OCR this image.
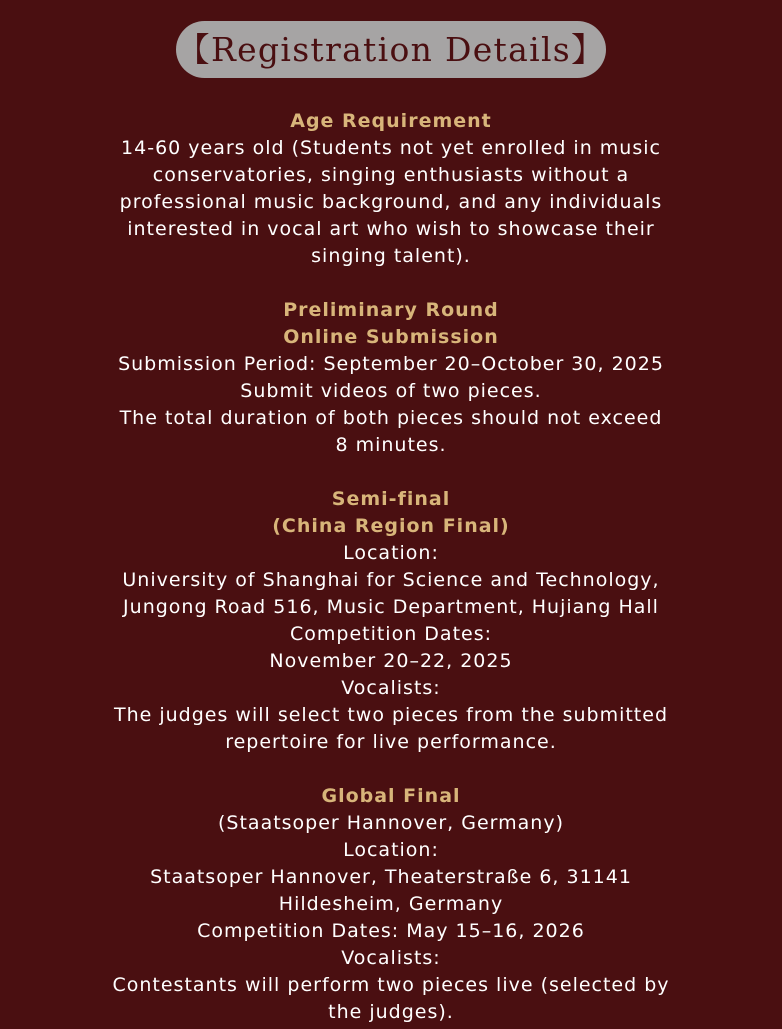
【Registration Details】
Age Requirement
14-60 years old (Students not yet enrolled in music conservatories, singing enthusiasts without a professional music background, and any individuals interested in vocal art who wish to showcase their singing talent).
Preliminary Round
Online Submission
Submission Period: September 20–October 30, 2025
Submit videos of two pieces.
The total duration of both pieces should not exceed 8 minutes.
Semi-final
(China Region Final)
Location:
University of Shanghai for Science and Technology, Jungong Road 516, Music Department, Hujiang Hall
Competition Dates:
November 20–22, 2025
Vocalists:
The judges will select two pieces from the submitted repertoire for live performance.
Global Final
(Staatsoper Hannover, Germany)
Location:
Staatsoper Hannover, Theaterstraße 6, 31141 Hildesheim, Germany
Competition Dates: May 15–16, 2026
Vocalists:
Contestants will perform two pieces live (selected by the judges).
